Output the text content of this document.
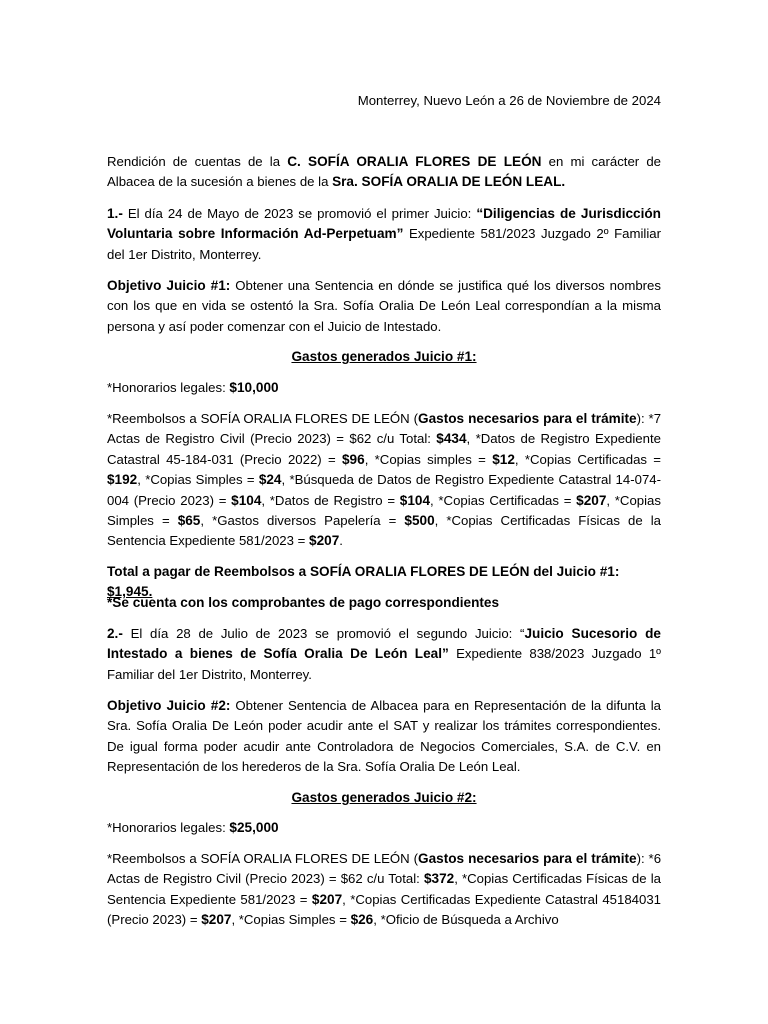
Monterrey, Nuevo León a 26 de Noviembre de 2024

Rendición de cuentas de la C. SOFÍA ORALIA FLORES DE LEÓN en mi carácter de Albacea de la sucesión a bienes de la Sra. SOFÍA ORALIA DE LEÓN LEAL.

1.- El día 24 de Mayo de 2023 se promovió el primer Juicio: “Diligencias de Jurisdicción Voluntaria sobre Información Ad-Perpetuam” Expediente 581/2023 Juzgado 2º Familiar del 1er Distrito, Monterrey.

Objetivo Juicio #1: Obtener una Sentencia en dónde se justifica qué los diversos nombres con los que en vida se ostentó la Sra. Sofía Oralia De León Leal correspondían a la misma persona y así poder comenzar con el Juicio de Intestado.

Gastos generados Juicio #1:

*Honorarios legales: $10,000

*Reembolsos a SOFÍA ORALIA FLORES DE LEÓN (Gastos necesarios para el trámite): *7 Actas de Registro Civil (Precio 2023) = $62 c/u Total: $434, *Datos de Registro Expediente Catastral 45-184-031 (Precio 2022) = $96, *Copias simples = $12, *Copias Certificadas = $192, *Copias Simples = $24, *Búsqueda de Datos de Registro Expediente Catastral 14-074-004 (Precio 2023) = $104, *Datos de Registro = $104, *Copias Certificadas = $207, *Copias Simples = $65, *Gastos diversos Papelería = $500, *Copias Certificadas Físicas de la Sentencia Expediente 581/2023 = $207.

Total a pagar de Reembolsos a SOFÍA ORALIA FLORES DE LEÓN del Juicio #1: $1,945.

*Se cuenta con los comprobantes de pago correspondientes

2.- El día 28 de Julio de 2023 se promovió el segundo Juicio: “Juicio Sucesorio de Intestado a bienes de Sofía Oralia De León Leal” Expediente 838/2023 Juzgado 1º Familiar del 1er Distrito, Monterrey.

Objetivo Juicio #2: Obtener Sentencia de Albacea para en Representación de la difunta la Sra. Sofía Oralia De León poder acudir ante el SAT y realizar los trámites correspondientes. De igual forma poder acudir ante Controladora de Negocios Comerciales, S.A. de C.V. en Representación de los herederos de la Sra. Sofía Oralia De León Leal.

Gastos generados Juicio #2:

*Honorarios legales: $25,000

*Reembolsos a SOFÍA ORALIA FLORES DE LEÓN (Gastos necesarios para el trámite): *6 Actas de Registro Civil (Precio 2023) = $62 c/u Total: $372, *Copias Certificadas Físicas de la Sentencia Expediente 581/2023 = $207, *Copias Certificadas Expediente Catastral 45184031 (Precio 2023) = $207, *Copias Simples = $26, *Oficio de Búsqueda a Archivo
